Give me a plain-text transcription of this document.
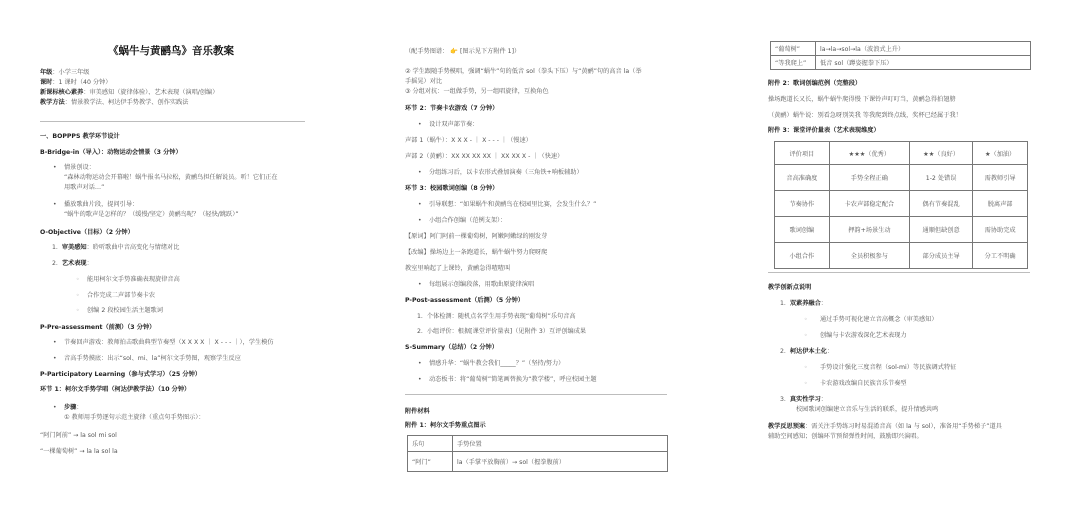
《蜗牛与黄鹂鸟》音乐教案
年级：小学三年级
课时：1 课时（40 分钟）
新课标核心素养：审美感知（旋律体验）、艺术表现（演唱/创编）
教学方法：情景教学法、柯达伊手势教学、创作实践法
一、BOPPPS 教学环节设计
B-Bridge-in（导入）：动物运动会情景（3 分钟）
• 情景创设：
“森林动物运动会开幕啦！蜗牛报名马拉松，黄鹂鸟担任解说员。听！它们正在
用歌声对话…”
• 播放歌曲片段，提问引导：
“蜗牛的歌声是怎样的？（缓慢/坚定）黄鹂鸟呢？（轻快/跳跃）”
O-Objective（目标）（2 分钟）
1. 审美感知：聆听歌曲中音高变化与情绪对比
2. 艺术表现：
◦ 能用柯尔文手势准确表现旋律音高
◦ 合作完成二声部节奏卡农
◦ 创编 2 段校园生活主题歌词
P-Pre-assessment（前测）（3 分钟）
• 节奏回声游戏：教师拍击歌曲典型节奏型（X X X X ｜ X - - - ｜），学生模仿
• 音高手势摸底：出示“sol、mi、la”柯尔文手势图，观察学生反应
P-Participatory Learning（参与式学习）（25 分钟）
环节 1：柯尔文手势学唱（柯达伊教学法）（10 分钟）
• 步骤：
① 教师用手势逐句示范主旋律（重点句手势图示）：
“阿门阿前” → la sol mi sol
“一棵葡萄树” → la la sol la
（配手势图谱： 👉 [图示见下方附件 1]）
② 学生跟随手势模唱，强调“蜗牛”句的低音 sol（拳头下压）与“黄鹂”句的高音 la（举
手摇晃）对比
③ 分组对抗：一组做手势，另一组唱旋律，互换角色
环节 2：节奏卡农游戏（7 分钟）
• 设计双声部节奏：
声部 1（蜗牛）：X X X - ｜ X - - - ｜（慢速）
声部 2（黄鹂）：XX XX XX XX ｜ XX XX X - ｜（快速）
• 分组练习后，以卡农形式叠加演奏（三角铁+响板辅助）
环节 3：校园歌词创编（8 分钟）
• 引导联想：“如果蜗牛和黄鹂鸟在校园里比赛，会发生什么？”
• 小组合作创编（范例支架）：
【原词】阿门阿前一棵葡萄树，阿嫩阿嫩绿的刚发芽
【改编】操场边上一条跑道长，蜗牛蜗牛努力爬呀爬
教室里响起了上课铃，黄鹂急得喳喳叫
• 每组展示创编段落，用歌曲原旋律演唱
P-Post-assessment（后测）（5 分钟）
1. 个体检测：随机点名学生用手势表现“葡萄树”乐句音高
2. 小组评价：根据[课堂评价量表]（见附件 3）互评创编成果
S-Summary（总结）（2 分钟）
• 情感升华：“蜗牛教会我们_____？”（坚持/努力）
• 动态板书：将“葡萄树”简笔画替换为“教学楼”，呼应校园主题
附件材料
附件 1：柯尔文手势重点图示
乐句	手势位置
“阿门”	la（手掌平放胸前）→ sol（握拳腹前）
“葡萄树”	la→la→sol→la（波浪式上升）
“等我爬上”	低音 sol（蹲姿握拳下压）
附件 2：歌词创编范例（完整段）
操场跑道长又长，蜗牛蜗牛爬得慢 下课铃声叮叮当，黄鹂急得拍翅膀
（黄鹂）蜗牛说：别看急呀别笑我 等我爬到终点线，奖杯已经属于我！
附件 3：课堂评价量表（艺术表现维度）
评价项目	★★★（优秀）	★★（良好）	★（加油）
音高准确度	手势全程正确	1-2 处错误	需教师引导
节奏协作	卡农声部稳定配合	偶有节奏混乱	脱离声部
歌词创编	押韵+场景生动	通顺但缺创意	需协助完成
小组合作	全员积极参与	部分成员主导	分工不明确
教学创新点说明
1. 双素养融合：
◦ 通过手势可视化建立音高概念（审美感知）
◦ 创编与卡农游戏深化艺术表现力
2. 柯达伊本土化：
◦ 手势设计强化三度音程（sol-mi）等民族调式特征
◦ 卡农游戏改编自民族音乐节奏型
3. 真实性学习：
校园歌词创编建立音乐与生活的联系，提升情感共鸣
教学反思预案：需关注手势练习时易混淆音高（如 la 与 sol），准备用“手势梯子”道具
辅助空间感知；创编环节预留弹性时间，鼓励即兴演唱。
